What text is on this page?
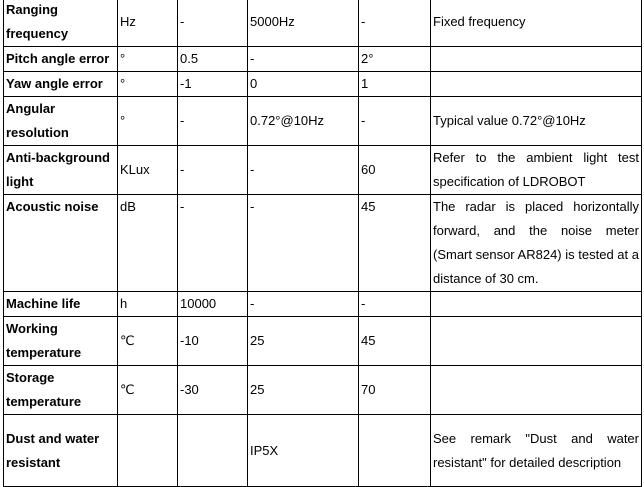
Ranging frequency	Hz	-	5000Hz	-	Fixed frequency
Pitch angle error	°	0.5	-	2°	
Yaw angle error	°	-1	0	1	
Angular resolution	°	-	0.72°@10Hz	-	Typical value 0.72°@10Hz
Anti-background light	KLux	-	-	60	Refer to the ambient light test specification of LDROBOT
Acoustic noise	dB	-	-	45	The radar is placed horizontally forward, and the noise meter (Smart sensor AR824) is tested at a distance of 30 cm.
Machine life	h	10000	-	-	
Working temperature	℃	-10	25	45	
Storage temperature	℃	-30	25	70	
Dust and water resistant			IP5X		See remark "Dust and water resistant" for detailed description
